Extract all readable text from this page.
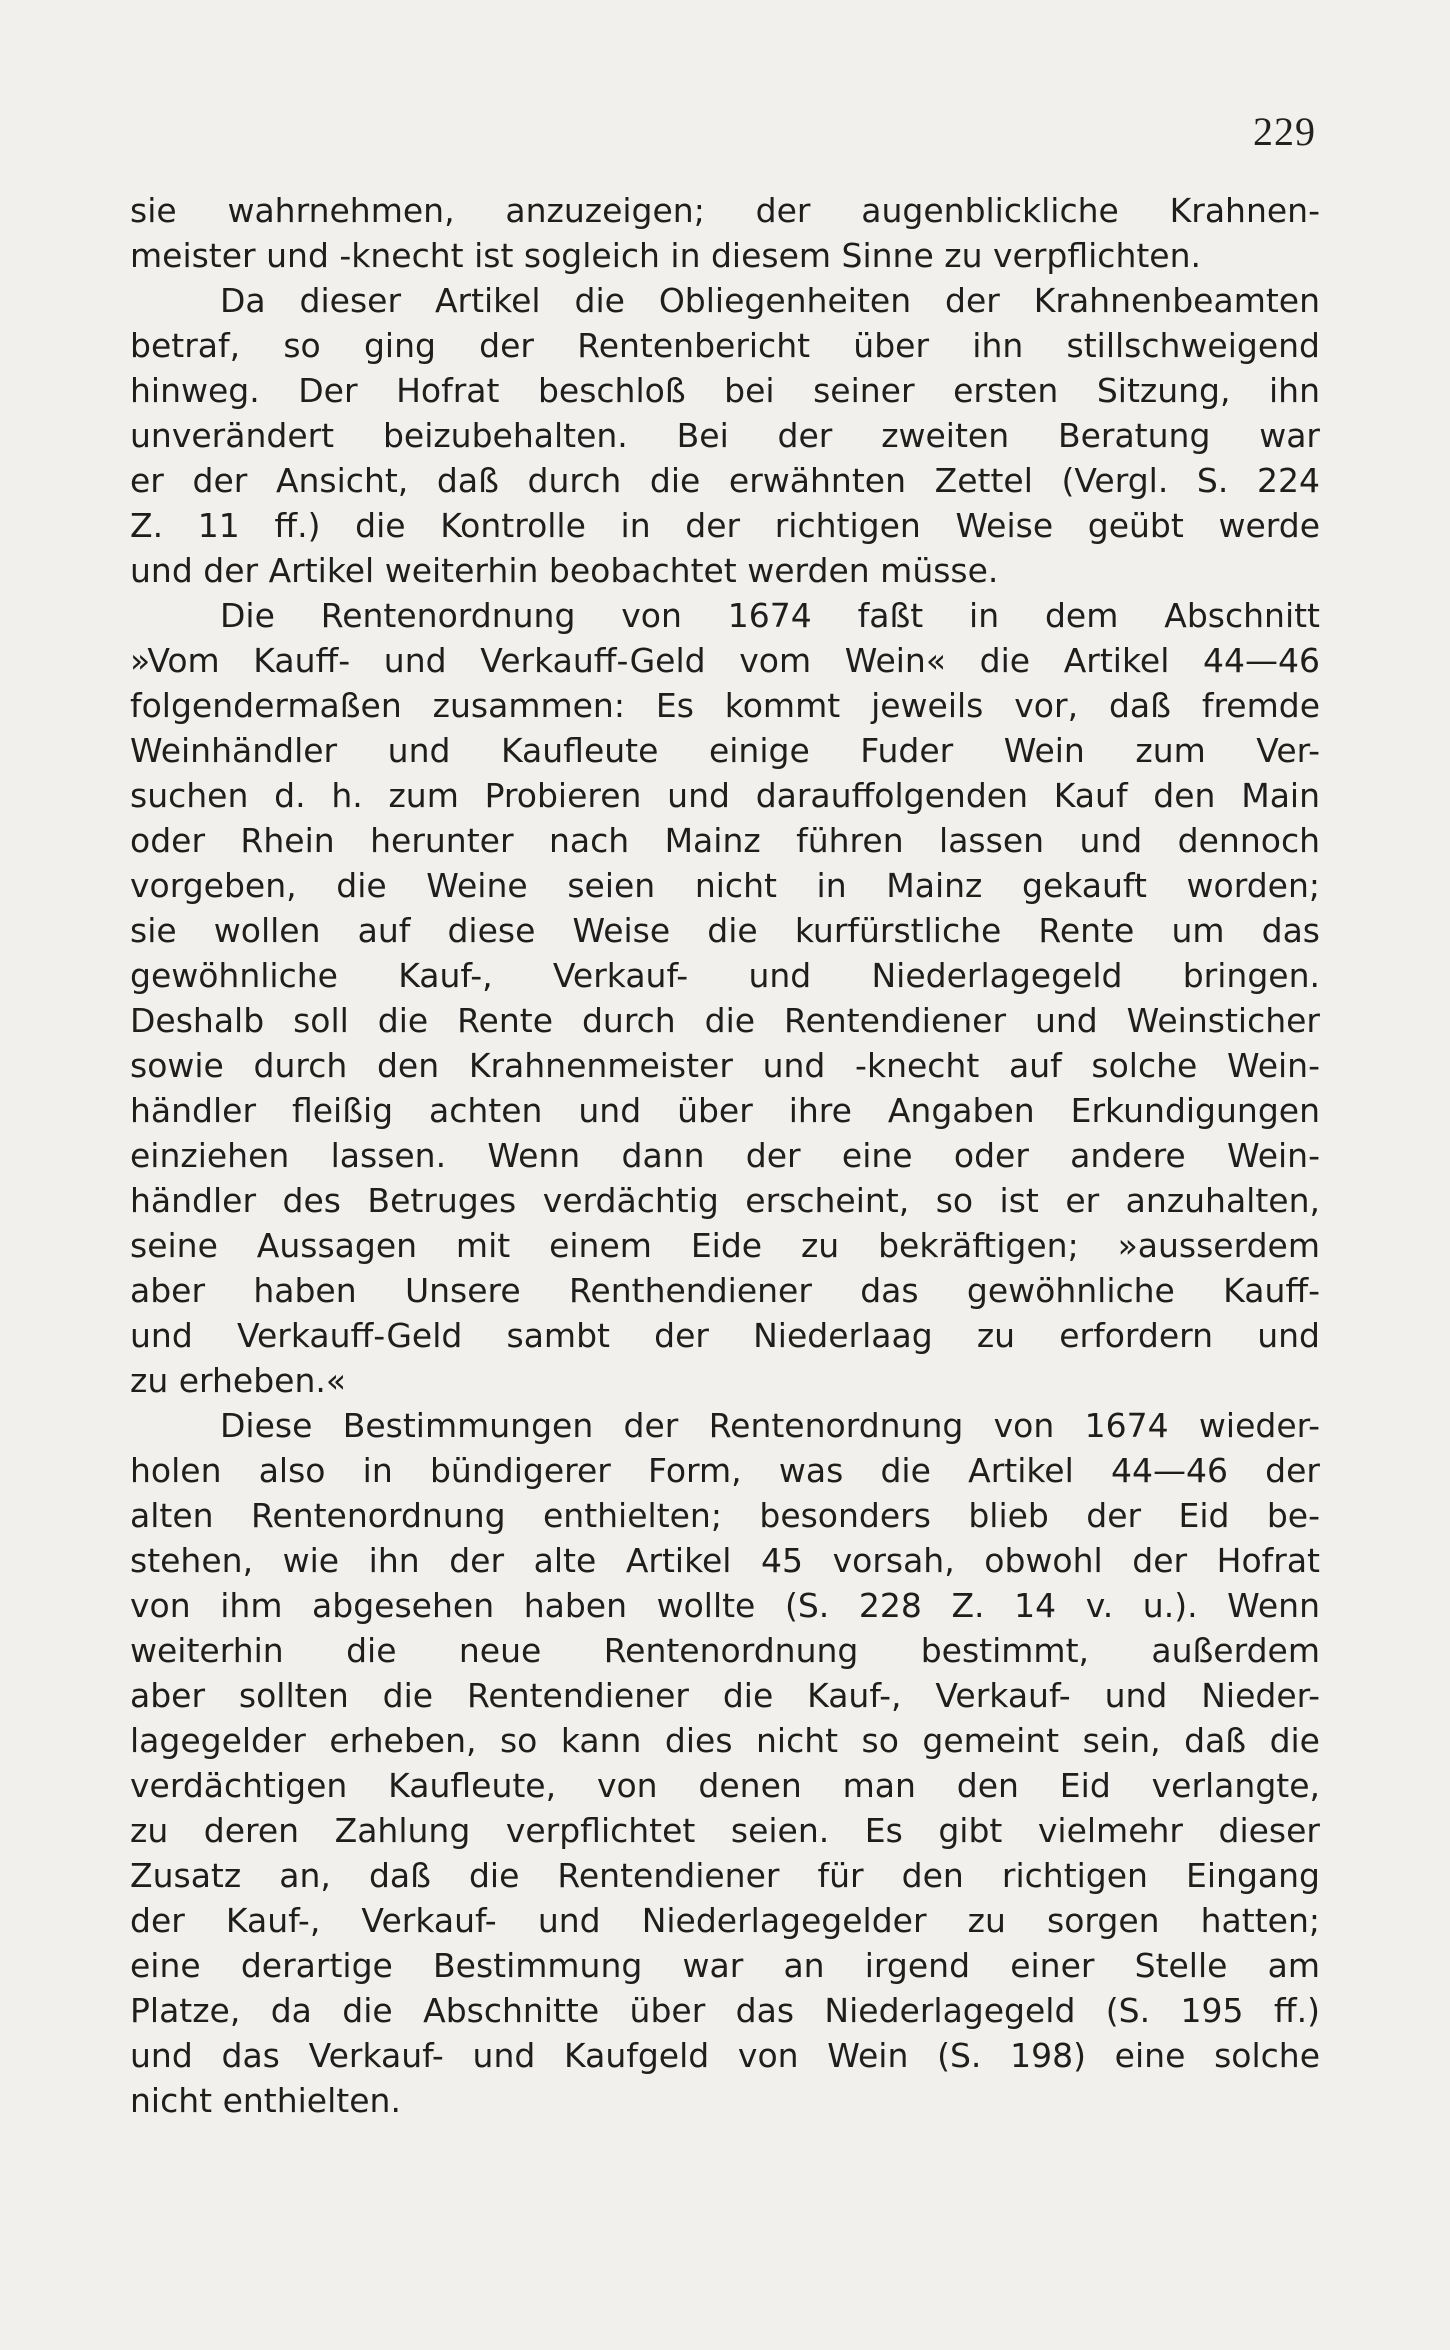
229
sie wahrnehmen, anzuzeigen; der augenblickliche Krahnen-
meister und -knecht ist sogleich in diesem Sinne zu verpflichten.
Da dieser Artikel die Obliegenheiten der Krahnenbeamten
betraf, so ging der Rentenbericht über ihn stillschweigend
hinweg. Der Hofrat beschloß bei seiner ersten Sitzung, ihn
unverändert beizubehalten. Bei der zweiten Beratung war
er der Ansicht, daß durch die erwähnten Zettel (Vergl. S. 224
Z. 11 ff.) die Kontrolle in der richtigen Weise geübt werde
und der Artikel weiterhin beobachtet werden müsse.
Die Rentenordnung von 1674 faßt in dem Abschnitt
»Vom Kauff- und Verkauff-Geld vom Wein« die Artikel 44—46
folgendermaßen zusammen: Es kommt jeweils vor, daß fremde
Weinhändler und Kaufleute einige Fuder Wein zum Ver-
suchen d. h. zum Probieren und darauffolgenden Kauf den Main
oder Rhein herunter nach Mainz führen lassen und dennoch
vorgeben, die Weine seien nicht in Mainz gekauft worden;
sie wollen auf diese Weise die kurfürstliche Rente um das
gewöhnliche Kauf-, Verkauf- und Niederlagegeld bringen.
Deshalb soll die Rente durch die Rentendiener und Weinsticher
sowie durch den Krahnenmeister und -knecht auf solche Wein-
händler fleißig achten und über ihre Angaben Erkundigungen
einziehen lassen. Wenn dann der eine oder andere Wein-
händler des Betruges verdächtig erscheint, so ist er anzuhalten,
seine Aussagen mit einem Eide zu bekräftigen; »ausserdem
aber haben Unsere Renthendiener das gewöhnliche Kauff-
und Verkauff-Geld sambt der Niederlaag zu erfordern und
zu erheben.«
Diese Bestimmungen der Rentenordnung von 1674 wieder-
holen also in bündigerer Form, was die Artikel 44—46 der
alten Rentenordnung enthielten; besonders blieb der Eid be-
stehen, wie ihn der alte Artikel 45 vorsah, obwohl der Hofrat
von ihm abgesehen haben wollte (S. 228 Z. 14 v. u.). Wenn
weiterhin die neue Rentenordnung bestimmt, außerdem
aber sollten die Rentendiener die Kauf-, Verkauf- und Nieder-
lagegelder erheben, so kann dies nicht so gemeint sein, daß die
verdächtigen Kaufleute, von denen man den Eid verlangte,
zu deren Zahlung verpflichtet seien. Es gibt vielmehr dieser
Zusatz an, daß die Rentendiener für den richtigen Eingang
der Kauf-, Verkauf- und Niederlagegelder zu sorgen hatten;
eine derartige Bestimmung war an irgend einer Stelle am
Platze, da die Abschnitte über das Niederlagegeld (S. 195 ff.)
und das Verkauf- und Kaufgeld von Wein (S. 198) eine solche
nicht enthielten.
